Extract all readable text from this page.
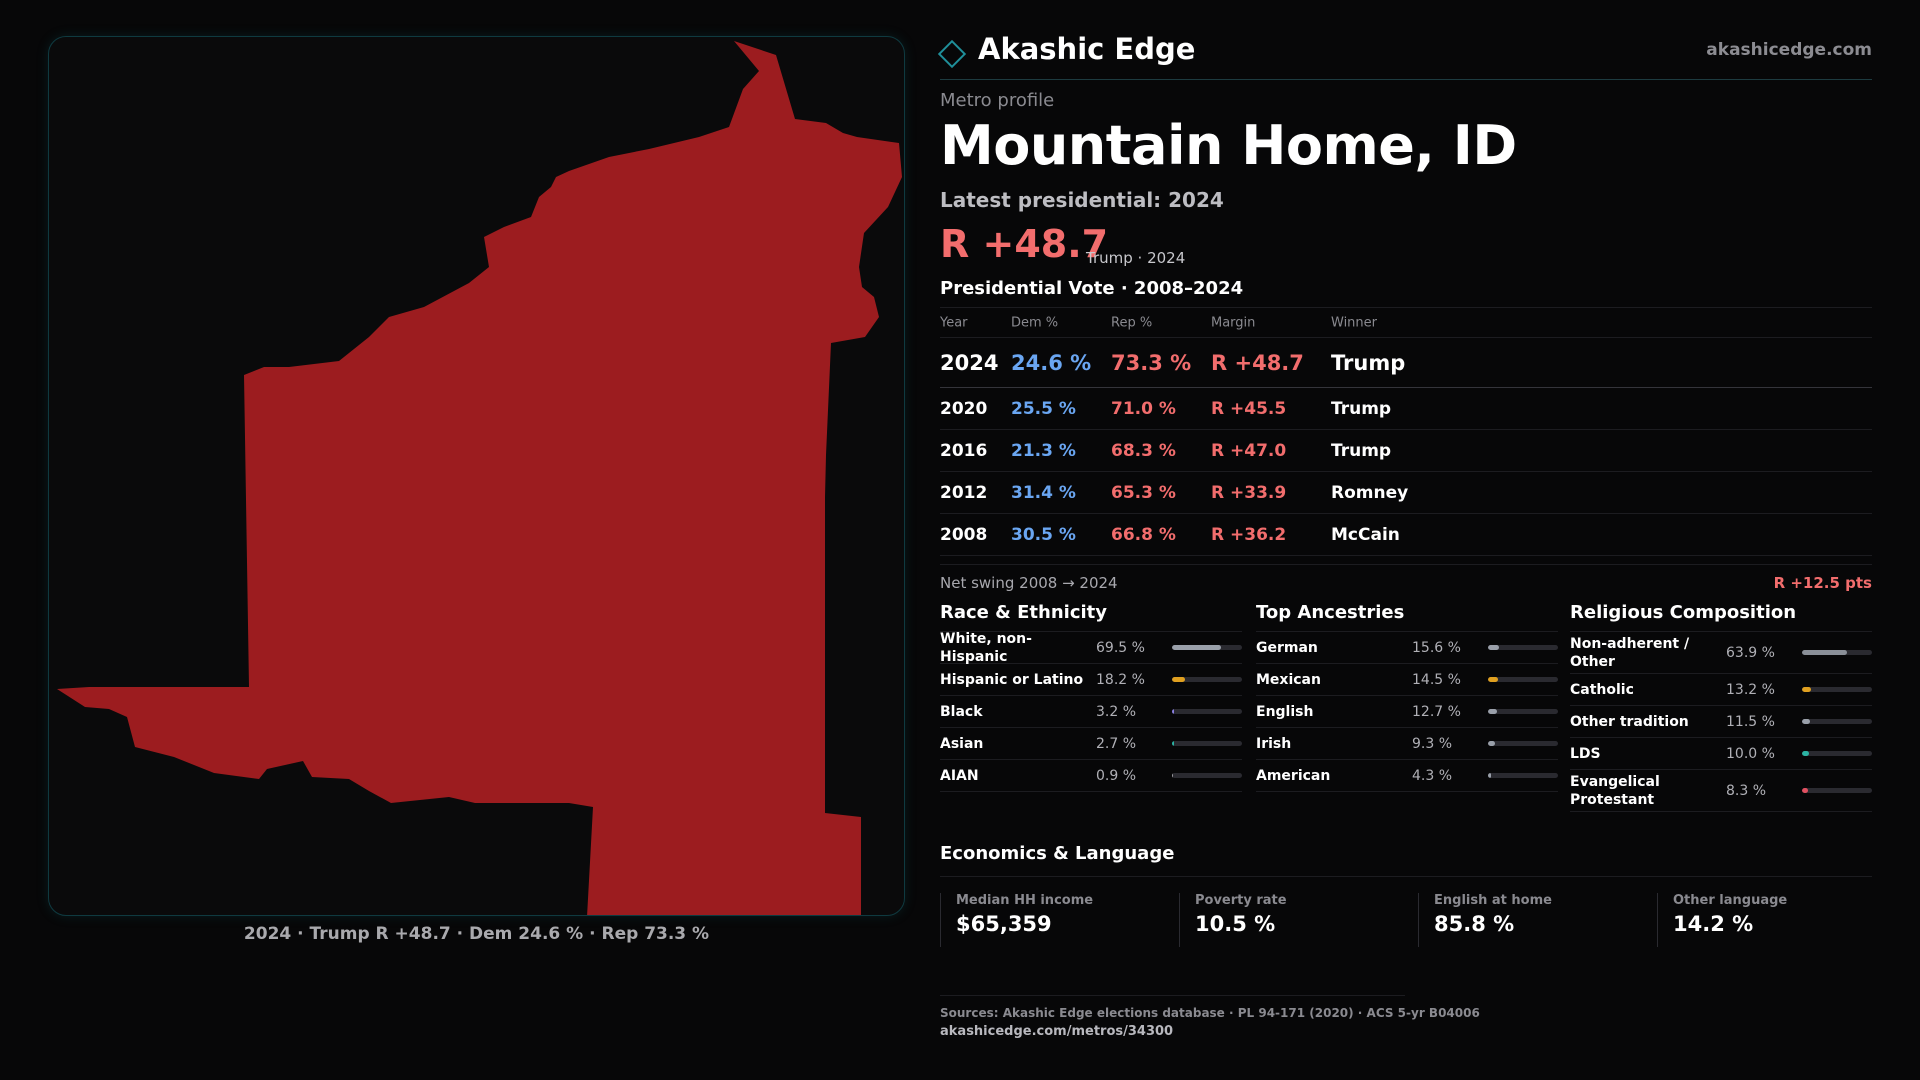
2024 · Trump R +48.7 · Dem 24.6 % · Rep 73.3 %
Akashic Edge	akashicedge.com
Metro profile
Mountain Home, ID
Latest presidential: 2024
R +48.7
Trump · 2024
Presidential Vote · 2008–2024
Year	Dem %	Rep %	Margin	Winner
2024 24.6 % 73.3 % R +48.7 Trump
2020 25.5 % 71.0 % R +45.5	Trump
2016 21.3 % 68.3 % R +47.0	Trump
2012 31.4 % 65.3 % R +33.9	Romney
2008 30.5 % 66.8 % R +36.2	McCain
Net swing 2008 → 2024	R +12.5 pts
Race & Ethnicity
White, non-Hispanic
69.5 %
Hispanic or Latino 18.2 %
Black	3.2 %
Asian	2.7 %
AIAN	0.9 %
Top Ancestries
German	15.6 %
Mexican	14.5 %
English	12.7 %
Irish	9.3 %
American	4.3 %
Religious Composition
Non-adherent / Other
63.9 %
Catholic	13.2 %
Other tradition	11.5 %
LDS	10.0 %
Evangelical Protestant
8.3 %
Economics & Language
Median HH income
$65,359
Poverty rate
10.5 %
English at home
85.8 %
Other language
14.2 %
Sources: Akashic Edge elections database · PL 94-171 (2020) · ACS 5-yr B04006
akashicedge.com/metros/34300
